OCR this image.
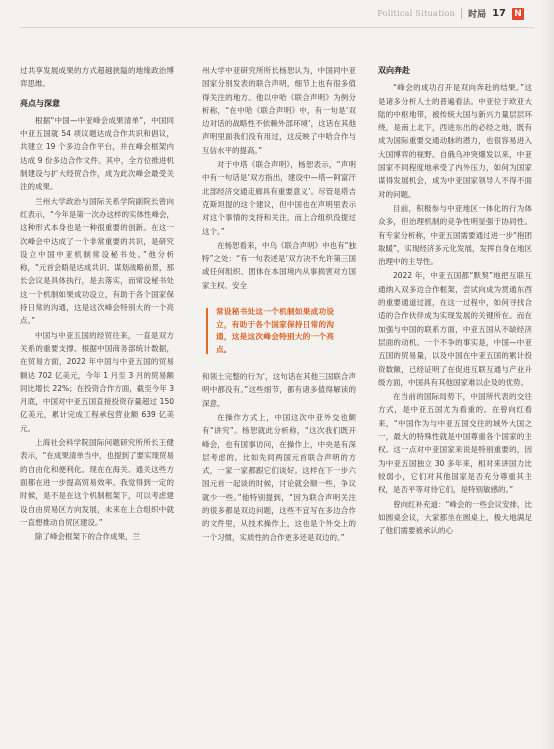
Political Situation 时局 17 N

过共享发展成果的方式超越狭隘的地缘政治博弈思维。

亮点与深意

根据“中国—中亚峰会成果清单”，中国同中亚五国就 54 项议题达成合作共识和倡议，共建立 19 个多边合作平台，并在峰会框架内达成 9 份多边合作文件。其中，全方位推进机制建设与扩大经贸合作，成为此次峰会最受关注的成果。

兰州大学政治与国际关系学院副院长曾向红表示，“今年是第一次办这样的实体性峰会，这种形式本身也是一种很重要的创新。在这一次峰会中达成了一个非常重要的共识，是研究设立中国中亚机制常设秘书处。”他分析称，“元首会晤是达成共识、谋划战略前景，那长会议是具体执行，是去落实，而常设秘书处这一个机制如果成功设立，有助于各个国家保持日常的沟通，这是这次峰会特别大的一个亮点。”

中国与中亚五国的经贸往来，一直是双方关系的重要支撑。根据中国商务部统计数据，在贸易方面，2022 年中国与中亚五国的贸易额达 702 亿美元，今年 1 月至 3 月的贸易额同比增长 22%；在投资合作方面，截至今年 3 月底，中国对中亚五国直接投资存量超过 150 亿美元，累计完成工程承包营业额 639 亿美元。

上海社会科学院国际问题研究所所长王健表示，“在成果清单当中，也提到了要实现贸易的自由化和便利化。现在在海关、通关这些方面都在进一步提高贸易效率。我觉得到一定的时候，是不是在这个机制框架下，可以考虑建设自由贸易区方向发展，未来在上合组织中就一直想推动自贸区建设。”

除了峰会框架下的合作成果，兰

州大学中亚研究所所长杨恕认为，中国同中亚国家分别发表的联合声明，细节上也有很多值得关注的地方。他以中哈《联合声明》为例分析称，“在中哈《联合声明》中，有一句是‘双边对话的战略性不依赖外部环境’，这话在其他声明里面我们没有用过，这反映了中哈合作与互信水平的提高。”

对于中塔《联合声明》，杨恕表示，“声明中有一句话是‘双方指出，建设中—塔—阿富汗北部经济交通走廊具有重要意义’。尽管是塔吉克斯坦提的这个建议，但中国也在声明里表示对这个事情的支持和关注，而上合组织没提过这个。”

在杨恕看来，中乌《联合声明》中也有“独特”之处：“有一句表述是‘双方决不允许第三国或任何组织、团体在本国境内从事损害对方国家主权、安全

常设秘书处这一个机制如果成功设立，有助于各个国家保持日常的沟通，这是这次峰会特别大的一个亮点。

和领土完整的行为’，这句话在其他三国联合声明中都没有。”这些细节，都有诸多值得解读的深意。

在操作方式上，中国这次中亚外交也颇有“讲究”。杨恕就此分析称，“这次我们既开峰会，也有国事访问，在操作上，中央是有深层考虑的。比如先同两国元首联合声明的方式，一家一家都跟它们谈好。这样在下一步六国元首一起谈的时候，讨论就会顺一些，争议就少一些。”他特别提到，“因为联合声明关注的很多都是双边问题，这些不宜写在多边合作的文件里，从技术操作上，这也是个外交上的一个习惯，实质性的合作更多还是双边的。”

双向奔赴

“峰会的成功召开是双向奔赴的结果。”这是诸多分析人士的普遍看法。中亚位于欧亚大陆的中枢地带，被传统大国与新兴力量层层环绕，是南上北下，西进东出的必经之地，既有成为国际重要交通动脉的潜力，也很容易进入大国博弈的视野。自俄乌冲突爆发以来，中亚国家不同程度地承受了内外压力，如何为国家谋得发展机会，成为中亚国家领导人不得不面对的问题。

目前，积极参与中亚地区一体化的行为体众多，但治理机制的竞争性明显强于协同性。有专家分析称，中亚五国需要通过进一步“抱团取暖”，实现经济多元化发展，发挥自身在地区治理中的主导性。

2022 年，中亚五国都“默契”地把互联互通纳入双多边合作框架，尝试向成为贯通东西的重要通道过渡，在这一过程中，如何寻找合适的合作伙伴成为实现发展的关键所在。而在加强与中国的联系方面，中亚五国从不缺经济层面的动机。一个不争的事实是，中国—中亚五国的贸易量，以及中国在中亚五国的累计投资数额，已经证明了在促进互联互通与产业升级方面，中国具有其他国家难以企及的优势。

在当前的国际局势下，中国所代表的交往方式，是中亚五国尤为看重的。在曾向红看来，“中国作为与中亚五国交往的域外大国之一，最大的特殊性就是中国尊重各个国家的主权。这一点对中亚国家来说是特别重要的，因为中亚五国独立 30 多年来，相对来讲国力比较弱小，它们对其他国家是否充分尊重其主权，是否平等对待它们，是特别敏感的。”

曾向红补充道：“峰会的一些会议安排，比如圆桌会议，大家都坐在圆桌上，极大地满足了他们需要被承认的心
